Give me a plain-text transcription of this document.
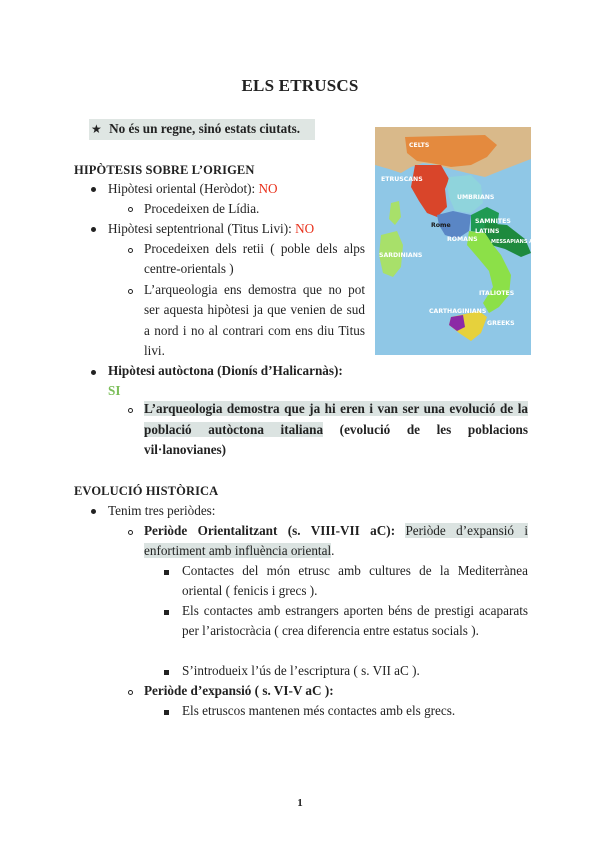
ELS ETRUSCS
★ No és un regne, sinó estats ciutats.
HIPÒTESIS SOBRE L’ORIGEN
Hipòtesi oriental (Heròdot): NO
Procedeixen de Lídia.
Hipòtesi septentrional (Titus Livi): NO
Procedeixen dels retii ( poble dels alps centre-orientals )
L’arqueologia ens demostra que no pot ser aquesta hipòtesi ja que venien de sud a nord i no al contrari com ens diu Titus livi.
Hipòtesi autòctona (Dionís d’Halicarnàs):
SI
L’arqueologia demostra que ja hi eren i van ser una evolució de la població autòctona italiana (evolució de les poblacions vil·lanovianes)
CELTS
ETRUSCANS
UMBRIANS
SAMNITES
LATINS
ROMANS	MESSAPIANS AND APULIANS
SARDINIANS
ITALIOTES
CARTHAGINIANS
GREEKS
Rome
EVOLUCIÓ HISTÒRICA
Tenim tres periòdes:
Periòde Orientalitzant (s. VIII-VII aC): Periòde d’expansió i enfortiment amb influència oriental.
Contactes del món etrusc amb cultures de la Mediterrànea oriental ( fenicis i grecs ).
Els contactes amb estrangers aporten béns de prestigi acaparats per l’aristocràcia ( crea diferencia entre estatus socials ).
S’introdueix l’ús de l’escriptura ( s. VII aC ).
Periòde d’expansió ( s. VI-V aC ):
Els etruscos mantenen més contactes amb els grecs.
1
